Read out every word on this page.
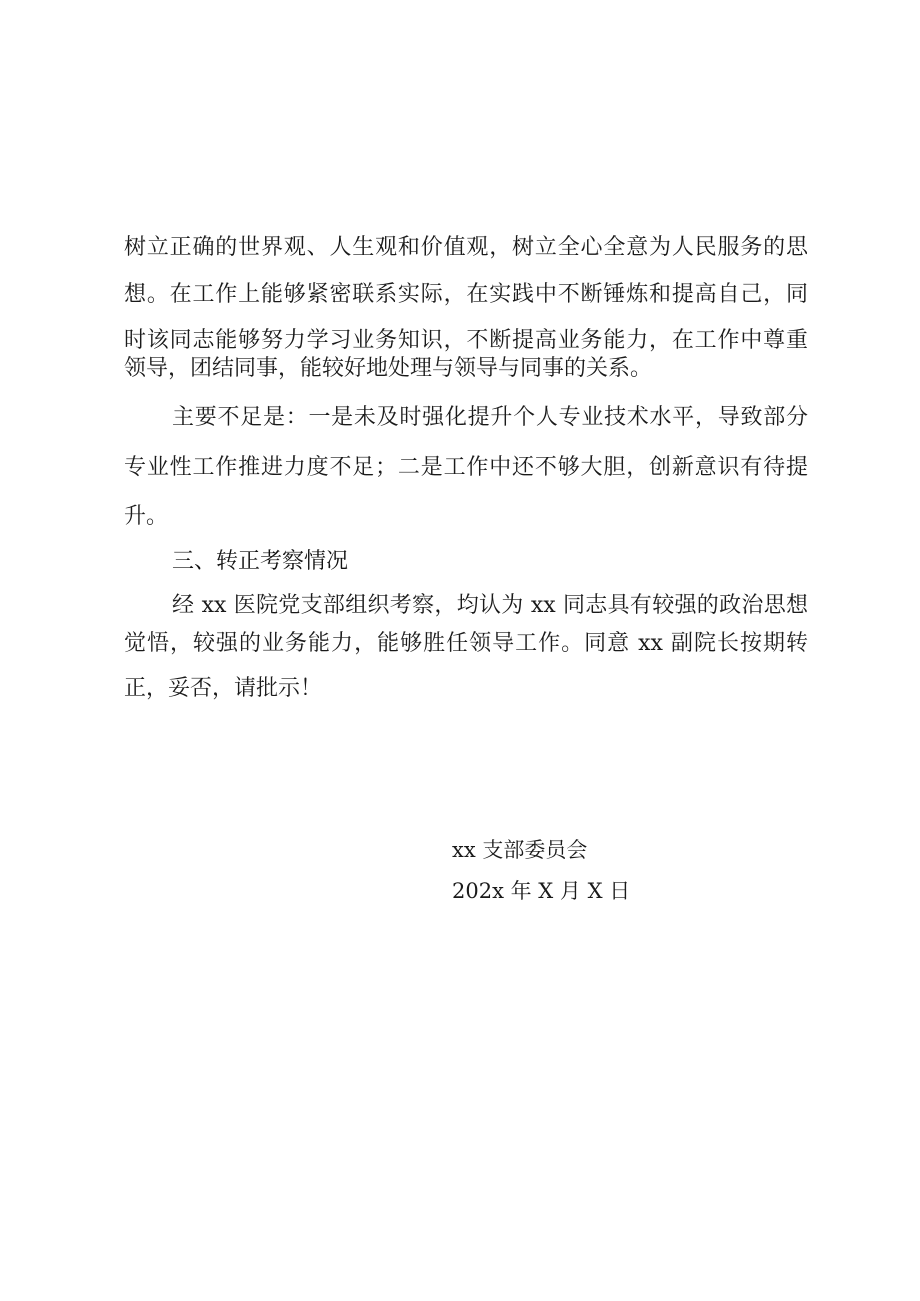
树立正确的世界观、人生观和价值观，树立全心全意为人民服务的思
想。在工作上能够紧密联系实际，在实践中不断锤炼和提高自己，同
时该同志能够努力学习业务知识，不断提高业务能力，在工作中尊重
领导，团结同事，能较好地处理与领导与同事的关系。
主要不足是：一是未及时强化提升个人专业技术水平，导致部分
专业性工作推进力度不足；二是工作中还不够大胆，创新意识有待提
升。
三、转正考察情况
经 xx 医院党支部组织考察，均认为 xx 同志具有较强的政治思想
觉悟，较强的业务能力，能够胜任领导工作。同意 xx 副院长按期转
正，妥否，请批示！
xx 支部委员会
202x 年 X 月 X 日
